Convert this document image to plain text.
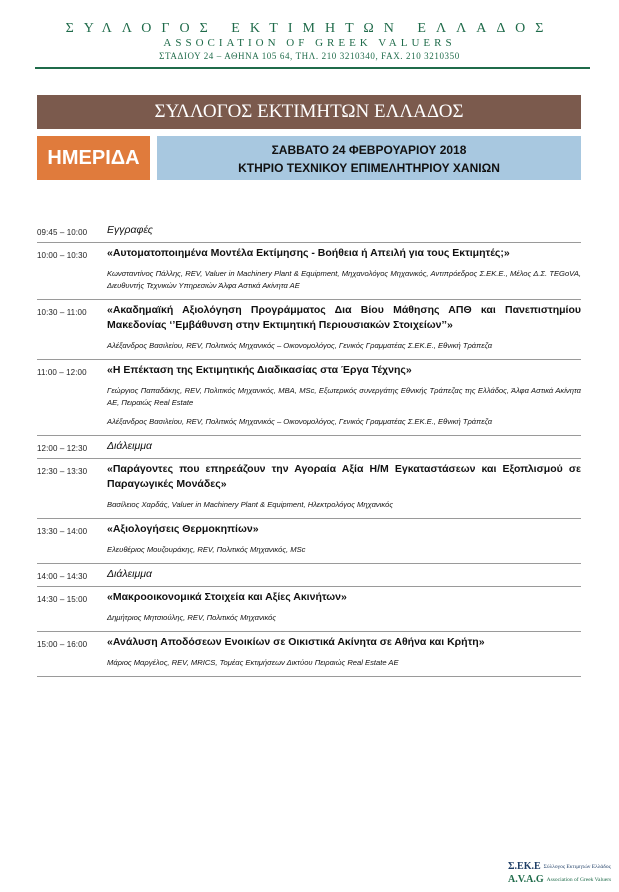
ΣΥΛΛΟΓΟΣ ΕΚΤΙΜΗΤΩΝ ΕΛΛΑΔΟΣ
ASSOCIATION OF GREEK VALUERS
ΣΤΑΔΙΟΥ 24 – ΑΘΗΝΑ 105 64, ΤΗΛ. 210 3210340, FAX. 210 3210350
ΣΥΛΛΟΓΟΣ ΕΚΤΙΜΗΤΩΝ ΕΛΛΑΔΟΣ
ΗΜΕΡΙΔΑ	ΣΑΒΒΑΤΟ 24 ΦΕΒΡΟΥΑΡΙΟΥ 2018
ΚΤΗΡΙΟ ΤΕΧΝΙΚΟΥ ΕΠΙΜΕΛΗΤΗΡΙΟΥ ΧΑΝΙΩΝ
09:45 – 10:00	Εγγραφές
10:00 – 10:30	«Αυτοματοποιημένα Μοντέλα Εκτίμησης - Βοήθεια ή Απειλή για τους Εκτιμητές;»
Κωνσταντίνος Πάλλης, REV, Valuer in Machinery Plant & Equipment, Μηχανολόγος Μηχανικός, Αντιπρόεδρος Σ.ΕΚ.Ε., Μέλος Δ.Σ. TEGoVA, Διευθυντής Τεχνικών Υπηρεσιών Άλφα Αστικά Ακίνητα ΑΕ
10:30 – 11:00	«Ακαδημαϊκή Αξιολόγηση Προγράμματος Δια Βίου Μάθησης ΑΠΘ και Πανεπιστημίου Μακεδονίας ‘’Εμβάθυνση στην Εκτιμητική Περιουσιακών Στοιχείων’’»
Αλέξανδρος Βασιλείου, REV, Πολιτικός Μηχανικός – Οικονομολόγος, Γενικός Γραμματέας Σ.ΕΚ.Ε., Εθνική Τράπεζα
11:00 – 12:00	«Η Επέκταση της Εκτιμητικής Διαδικασίας στα Έργα Τέχνης»
Γεώργιος Παπαδάκης, REV, Πολιτικός Μηχανικός, MBA, MSc, Εξωτερικός συνεργάτης Εθνικής Τράπεζας της Ελλάδος, Άλφα Αστικά Ακίνητα ΑΕ, Πειραιώς Real Estate
Αλέξανδρος Βασιλείου, REV, Πολιτικός Μηχανικός – Οικονομολόγος, Γενικός Γραμματέας Σ.ΕΚ.Ε., Εθνική Τράπεζα
12:00 – 12:30	Διάλειμμα
12:30 – 13:30	«Παράγοντες που επηρεάζουν την Αγοραία Αξία Η/Μ Εγκαταστάσεων και Εξοπλισμού σε Παραγωγικές Μονάδες»
Βασίλειος Χαρδάς, Valuer in Machinery Plant & Equipment, Ηλεκτρολόγος Μηχανικός
13:30 – 14:00	«Αξιολογήσεις Θερμοκηπίων»
Ελευθέριος Μουζουράκης, REV, Πολιτικός Μηχανικός, MSc
14:00 – 14:30	Διάλειμμα
14:30 – 15:00	«Μακροοικονομικά Στοιχεία και Αξίες Ακινήτων»
Δημήτριος Μητσιούλης, REV, Πολιτικός Μηχανικός
15:00 – 16:00	«Ανάλυση Αποδόσεων Ενοικίων σε Οικιστικά Ακίνητα σε Αθήνα και Κρήτη»
Μάριος Μαργέλος, REV, MRICS, Τομέας Εκτιμήσεων Δικτύου Πειραιώς Real Estate AE
Σ.ΕΚ.Ε Σύλλογος Εκτιμητών Ελλάδος
A.V.A.G Association of Greek Valuers
